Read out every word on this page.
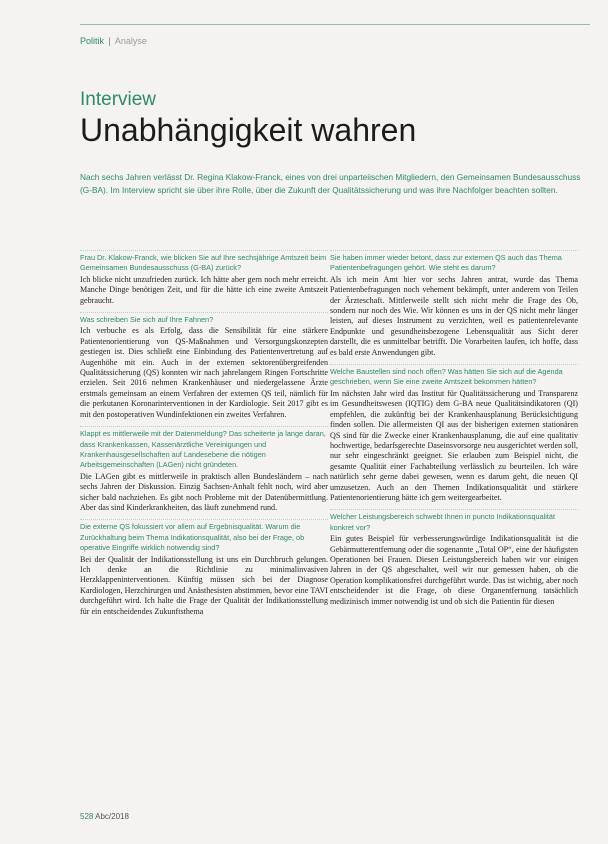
Politik | Analyse
Interview
Unabhängigkeit wahren
Nach sechs Jahren verlässt Dr. Regina Klakow-Franck, eines von drei unparteiischen Mitgliedern, den Gemeinsamen Bundesausschuss (G-BA). Im Interview spricht sie über ihre Rolle, über die Zukunft der Qualitätssicherung und was ihre Nachfolger beachten sollten.
Frau Dr. Klakow-Franck, wie blicken Sie auf Ihre sechsjährige Amtszeit beim Gemeinsamen Bundesausschuss (G-BA) zurück?
Ich blicke nicht unzufrieden zurück. Ich hätte aber gern noch mehr erreicht. Manche Dinge benötigen Zeit, und für die hätte ich eine zweite Amtszeit gebraucht.
Was schreiben Sie sich auf Ihre Fahnen?
Ich verbuche es als Erfolg, dass die Sensibilität für eine stärkere Patientenorientierung von QS-Maßnahmen und Versorgungskonzepten gestiegen ist. Dies schließt eine Einbindung des Patientenvertretung auf Augenhöhe mit ein. Auch in der externen sektorenübergreifenden Qualitätssicherung (QS) konnten wir nach jahrelangem Ringen Fortschritte erzielen. Seit 2016 nehmen Krankenhäuser und niedergelassene Ärzte erstmals gemeinsam an einem Verfahren der externen QS teil, nämlich für die perkutanen Koronarinterventionen in der Kardiologie. Seit 2017 gibt es mit den postoperativen Wundinfektionen ein zweites Verfahren.
Klappt es mittlerweile mit der Datenmeldung? Das scheiterte ja lange daran, dass Krankenkassen, Kassenärztliche Vereinigungen und Krankenhausgesellschaften auf Landesebene die nötigen Arbeitsgemeinschaften (LAGen) nicht gründeten.
Die LAGen gibt es mittlerweile in praktisch allen Bundesländern – nach sechs Jahren der Diskussion. Einzig Sachsen-Anhalt fehlt noch, wird aber sicher bald nachziehen. Es gibt noch Probleme mit der Datenübermittlung. Aber das sind Kinderkrankheiten, das läuft zunehmend rund.
Die externe QS fokussiert vor allem auf Ergebnisqualität. Warum die Zurückhaltung beim Thema Indikationsqualität, also bei der Frage, ob operative Eingriffe wirklich notwendig sind?
Bei der Qualität der Indikationsstellung ist uns ein Durchbruch gelungen. Ich denke an die Richtlinie zu minimalinvasiven Herzklappeninterventionen. Künftig müssen sich bei der Diagnose Kardiologen, Herzchirurgen und Anästhesisten abstimmen, bevor eine TAVI durchgeführt wird. Ich halte die Frage der Qualität der Indikationsstellung für ein entscheidendes Zukunftsthema
Sie haben immer wieder betont, dass zur externen QS auch das Thema Patientenbefragungen gehört. Wie steht es darum?
Als ich mein Amt hier vor sechs Jahren antrat, wurde das Thema Patientenbefragungen noch vehement bekämpft, unter anderem von Teilen der Ärzteschaft. Mittlerweile stellt sich nicht mehr die Frage des Ob, sondern nur noch des Wie. Wir können es uns in der QS nicht mehr länger leisten, auf dieses Instrument zu verzichten, weil es patientenrelevante Endpunkte und gesundheitsbezogene Lebensqualität aus Sicht derer darstellt, die es unmittelbar betrifft. Die Vorarbeiten laufen, ich hoffe, dass es bald erste Anwendungen gibt.
Welche Baustellen sind noch offen? Was hätten Sie sich auf die Agenda geschrieben, wenn Sie eine zweite Amtszeit bekommen hätten?
Im nächsten Jahr wird das Institut für Qualitätssicherung und Transparenz im Gesundheitswesen (IQTIG) dem G-BA neue Qualitätsindikatoren (QI) empfehlen, die zukünftig bei der Krankenhausplanung Berücksichtigung finden sollen. Die allermeisten QI aus der bisherigen externen stationären QS sind für die Zwecke einer Krankenhausplanung, die auf eine qualitativ hochwertige, bedarfsgerechte Daseinsvorsorge neu ausgerichtet werden soll, nur sehr eingeschränkt geeignet. Sie erlauben zum Beispiel nicht, die gesamte Qualität einer Fachabteilung verlässlich zu beurteilen. Ich wäre natürlich sehr gerne dabei gewesen, wenn es darum geht, die neuen QI umzusetzen. Auch an den Themen Indikationsqualität und stärkere Patientenorientierung hätte ich gern weitergearbeitet.
Welcher Leistungsbereich schwebt Ihnen in puncto Indikationsqualität konkret vor?
Ein gutes Beispiel für verbesserungswürdige Indikationsqualität ist die Gebärmutterentfernung oder die sogenannte „Total OP“, eine der häufigsten Operationen bei Frauen. Diesen Leistungsbereich haben wir vor einigen Jahren in der QS abgeschaltet, weil wir nur gemessen haben, ob die Operation komplikationsfrei durchgeführt wurde. Das ist wichtig, aber noch entscheidender ist die Frage, ob diese Organentfernung tatsächlich medizinisch immer notwendig ist und ob sich die Patientin für diesen
528 Abc/2018
